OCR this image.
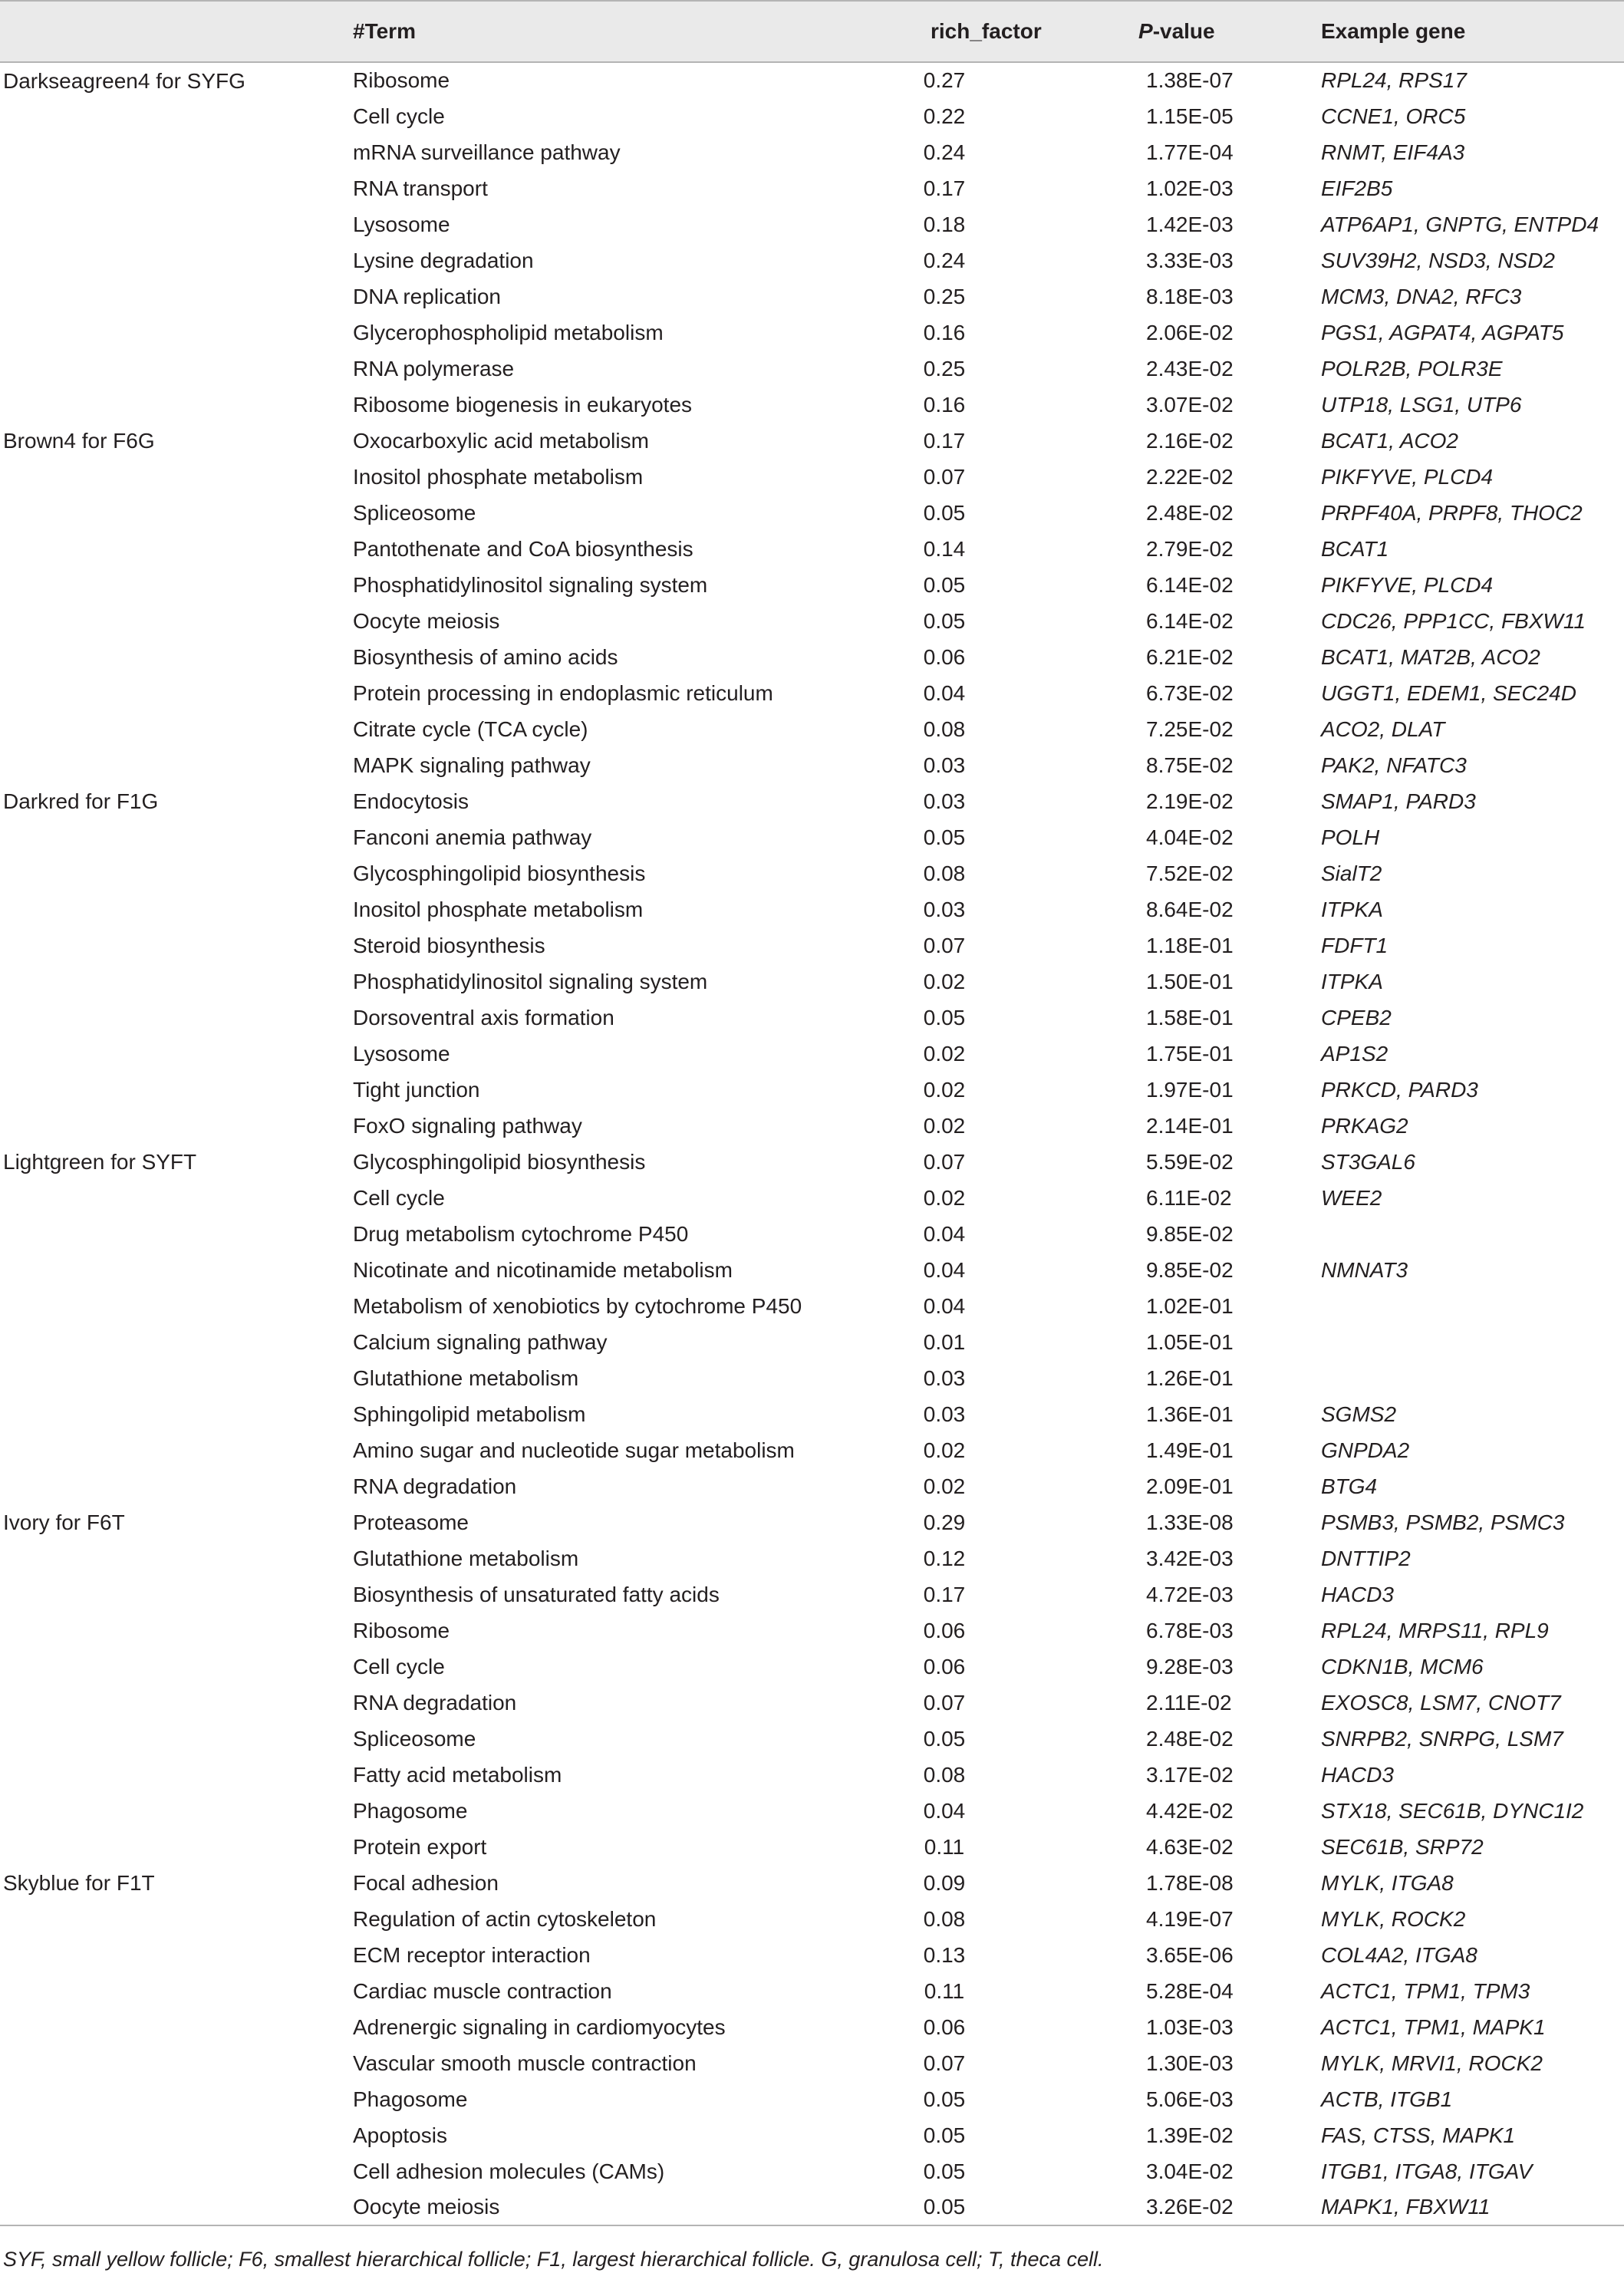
	#Term	rich_factor	P-value	Example gene
Darkseagreen4 for SYFG	Ribosome	0.27	1.38E-07	RPL24, RPS17
	Cell cycle	0.22	1.15E-05	CCNE1, ORC5
	mRNA surveillance pathway	0.24	1.77E-04	RNMT, EIF4A3
	RNA transport	0.17	1.02E-03	EIF2B5
	Lysosome	0.18	1.42E-03	ATP6AP1, GNPTG, ENTPD4
	Lysine degradation	0.24	3.33E-03	SUV39H2, NSD3, NSD2
	DNA replication	0.25	8.18E-03	MCM3, DNA2, RFC3
	Glycerophospholipid metabolism	0.16	2.06E-02	PGS1, AGPAT4, AGPAT5
	RNA polymerase	0.25	2.43E-02	POLR2B, POLR3E
	Ribosome biogenesis in eukaryotes	0.16	3.07E-02	UTP18, LSG1, UTP6
Brown4 for F6G	Oxocarboxylic acid metabolism	0.17	2.16E-02	BCAT1, ACO2
	Inositol phosphate metabolism	0.07	2.22E-02	PIKFYVE, PLCD4
	Spliceosome	0.05	2.48E-02	PRPF40A, PRPF8, THOC2
	Pantothenate and CoA biosynthesis	0.14	2.79E-02	BCAT1
	Phosphatidylinositol signaling system	0.05	6.14E-02	PIKFYVE, PLCD4
	Oocyte meiosis	0.05	6.14E-02	CDC26, PPP1CC, FBXW11
	Biosynthesis of amino acids	0.06	6.21E-02	BCAT1, MAT2B, ACO2
	Protein processing in endoplasmic reticulum	0.04	6.73E-02	UGGT1, EDEM1, SEC24D
	Citrate cycle (TCA cycle)	0.08	7.25E-02	ACO2, DLAT
	MAPK signaling pathway	0.03	8.75E-02	PAK2, NFATC3
Darkred for F1G	Endocytosis	0.03	2.19E-02	SMAP1, PARD3
	Fanconi anemia pathway	0.05	4.04E-02	POLH
	Glycosphingolipid biosynthesis	0.08	7.52E-02	SialT2
	Inositol phosphate metabolism	0.03	8.64E-02	ITPKA
	Steroid biosynthesis	0.07	1.18E-01	FDFT1
	Phosphatidylinositol signaling system	0.02	1.50E-01	ITPKA
	Dorsoventral axis formation	0.05	1.58E-01	CPEB2
	Lysosome	0.02	1.75E-01	AP1S2
	Tight junction	0.02	1.97E-01	PRKCD, PARD3
	FoxO signaling pathway	0.02	2.14E-01	PRKAG2
Lightgreen for SYFT	Glycosphingolipid biosynthesis	0.07	5.59E-02	ST3GAL6
	Cell cycle	0.02	6.11E-02	WEE2
	Drug metabolism cytochrome P450	0.04	9.85E-02	
	Nicotinate and nicotinamide metabolism	0.04	9.85E-02	NMNAT3
	Metabolism of xenobiotics by cytochrome P450	0.04	1.02E-01	
	Calcium signaling pathway	0.01	1.05E-01	
	Glutathione metabolism	0.03	1.26E-01	
	Sphingolipid metabolism	0.03	1.36E-01	SGMS2
	Amino sugar and nucleotide sugar metabolism	0.02	1.49E-01	GNPDA2
	RNA degradation	0.02	2.09E-01	BTG4
Ivory for F6T	Proteasome	0.29	1.33E-08	PSMB3, PSMB2, PSMC3
	Glutathione metabolism	0.12	3.42E-03	DNTTIP2
	Biosynthesis of unsaturated fatty acids	0.17	4.72E-03	HACD3
	Ribosome	0.06	6.78E-03	RPL24, MRPS11, RPL9
	Cell cycle	0.06	9.28E-03	CDKN1B, MCM6
	RNA degradation	0.07	2.11E-02	EXOSC8, LSM7, CNOT7
	Spliceosome	0.05	2.48E-02	SNRPB2, SNRPG, LSM7
	Fatty acid metabolism	0.08	3.17E-02	HACD3
	Phagosome	0.04	4.42E-02	STX18, SEC61B, DYNC1I2
	Protein export	0.11	4.63E-02	SEC61B, SRP72
Skyblue for F1T	Focal adhesion	0.09	1.78E-08	MYLK, ITGA8
	Regulation of actin cytoskeleton	0.08	4.19E-07	MYLK, ROCK2
	ECM receptor interaction	0.13	3.65E-06	COL4A2, ITGA8
	Cardiac muscle contraction	0.11	5.28E-04	ACTC1, TPM1, TPM3
	Adrenergic signaling in cardiomyocytes	0.06	1.03E-03	ACTC1, TPM1, MAPK1
	Vascular smooth muscle contraction	0.07	1.30E-03	MYLK, MRVI1, ROCK2
	Phagosome	0.05	5.06E-03	ACTB, ITGB1
	Apoptosis	0.05	1.39E-02	FAS, CTSS, MAPK1
	Cell adhesion molecules (CAMs)	0.05	3.04E-02	ITGB1, ITGA8, ITGAV
	Oocyte meiosis	0.05	3.26E-02	MAPK1, FBXW11
SYF, small yellow follicle; F6, smallest hierarchical follicle; F1, largest hierarchical follicle. G, granulosa cell; T, theca cell.
